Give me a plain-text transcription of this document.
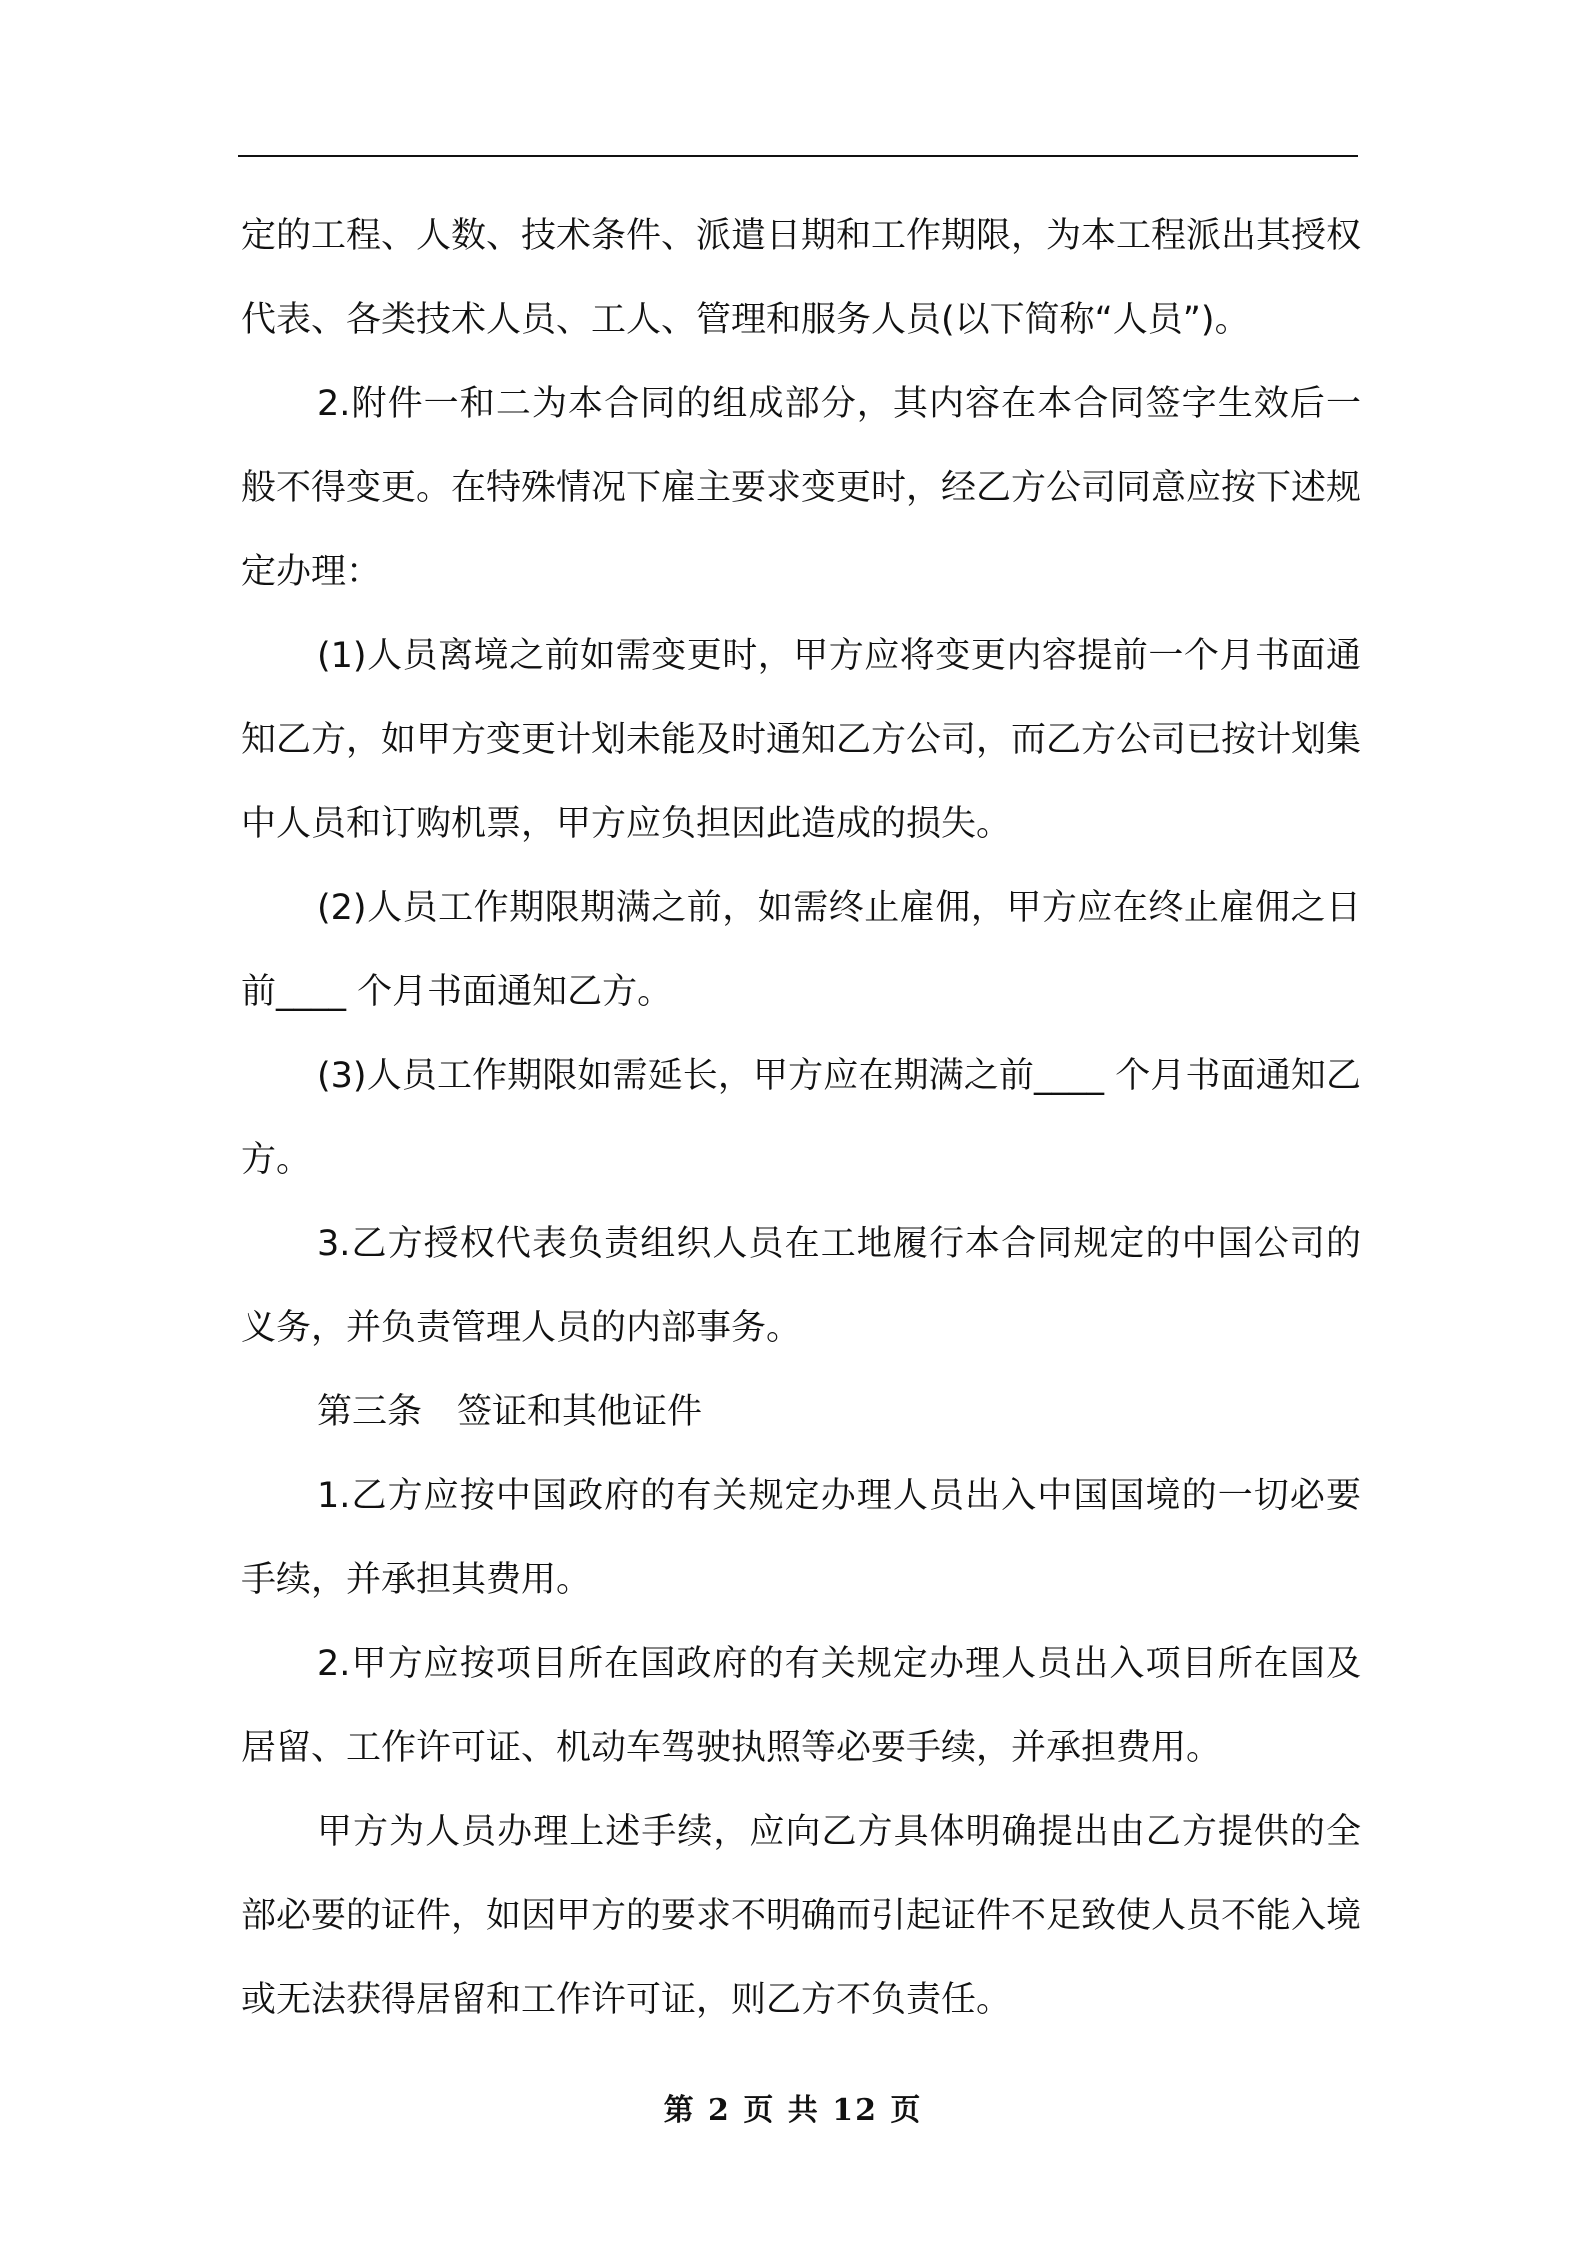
定的工程、人数、技术条件、派遣日期和工作期限，为本工程派出其授权代表、各类技术人员、工人、管理和服务人员(以下简称“人员”)。

2.附件一和二为本合同的组成部分，其内容在本合同签字生效后一般不得变更。在特殊情况下雇主要求变更时，经乙方公司同意应按下述规定办理：

(1)人员离境之前如需变更时，甲方应将变更内容提前一个月书面通知乙方，如甲方变更计划未能及时通知乙方公司，而乙方公司已按计划集中人员和订购机票，甲方应负担因此造成的损失。

(2)人员工作期限期满之前，如需终止雇佣，甲方应在终止雇佣之日前____ 个月书面通知乙方。

(3)人员工作期限如需延长，甲方应在期满之前____ 个月书面通知乙方。

3.乙方授权代表负责组织人员在工地履行本合同规定的中国公司的义务，并负责管理人员的内部事务。

第三条　签证和其他证件

1.乙方应按中国政府的有关规定办理人员出入中国国境的一切必要手续，并承担其费用。

2.甲方应按项目所在国政府的有关规定办理人员出入项目所在国及居留、工作许可证、机动车驾驶执照等必要手续，并承担费用。

甲方为人员办理上述手续，应向乙方具体明确提出由乙方提供的全部必要的证件，如因甲方的要求不明确而引起证件不足致使人员不能入境或无法获得居留和工作许可证，则乙方不负责任。

第 2 页 共 12 页
